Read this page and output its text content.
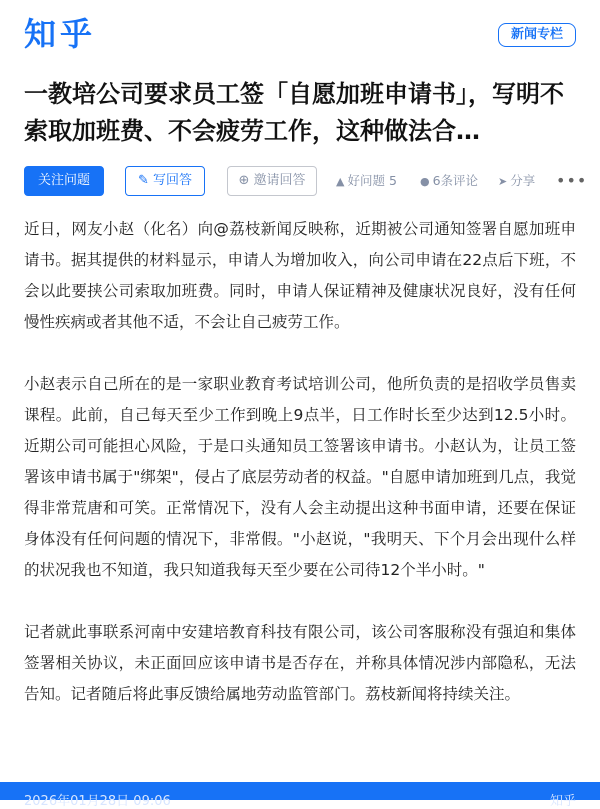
知乎	新闻专栏
一教培公司要求员工签「自愿加班申请书」，写明不索取加班费、不会疲劳工作，这种做法合…
关注问题	✎ 写回答	⊕ 邀请回答	▲ 好问题 5 ● 6条评论 ➤ 分享 •••

近日，网友小赵（化名）向@荔枝新闻反映称，近期被公司通知签署自愿加班申请书。据其提供的材料显示，申请人为增加收入，向公司申请在22点后下班，不会以此要挟公司索取加班费。同时，申请人保证精神及健康状况良好，没有任何慢性疾病或者其他不适，不会让自己疲劳工作。

小赵表示自己所在的是一家职业教育考试培训公司，他所负责的是招收学员售卖课程。此前，自己每天至少工作到晚上9点半，日工作时长至少达到12.5小时。近期公司可能担心风险，于是口头通知员工签署该申请书。小赵认为，让员工签署该申请书属于"绑架"，侵占了底层劳动者的权益。"自愿申请加班到几点，我觉得非常荒唐和可笑。正常情况下，没有人会主动提出这种书面申请，还要在保证身体没有任何问题的情况下，非常假。"小赵说，"我明天、下个月会出现什么样的状况我也不知道，我只知道我每天至少要在公司待12个半小时。"

记者就此事联系河南中安建培教育科技有限公司，该公司客服称没有强迫和集体签署相关协议，未正面回应该申请书是否存在，并称具体情况涉内部隐私，无法告知。记者随后将此事反馈给属地劳动监管部门。荔枝新闻将持续关注。

2026年01月28日 09:06	知乎
